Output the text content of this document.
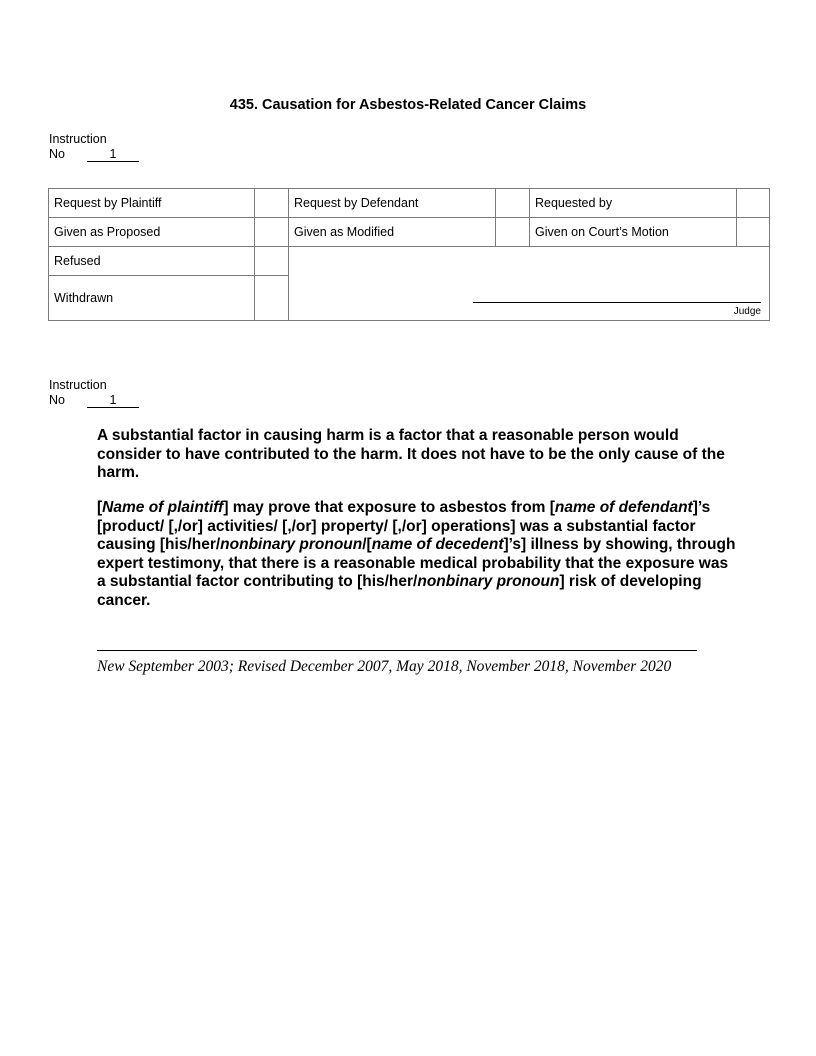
435. Causation for Asbestos-Related Cancer Claims
Instruction
No	1
Request by Plaintiff		Request by Defendant		Requested by	
Given as Proposed		Given as Modified		Given on Court’s Motion	
Refused		Judge			

Withdrawn					
Instruction
No	1

A substantial factor in causing harm is a factor that a reasonable person would consider to have contributed to the harm. It does not have to be the only cause of the harm.

[Name of plaintiff] may prove that exposure to asbestos from [name of defendant]’s [product/ [,/or] activities/ [,/or] property/ [,/or] operations] was a substantial factor causing [his/her/nonbinary pronoun/[name of decedent]’s] illness by showing, through expert testimony, that there is a reasonable medical probability that the exposure was a substantial factor contributing to [his/her/nonbinary pronoun] risk of developing cancer.

New September 2003; Revised December 2007, May 2018, November 2018, November 2020
